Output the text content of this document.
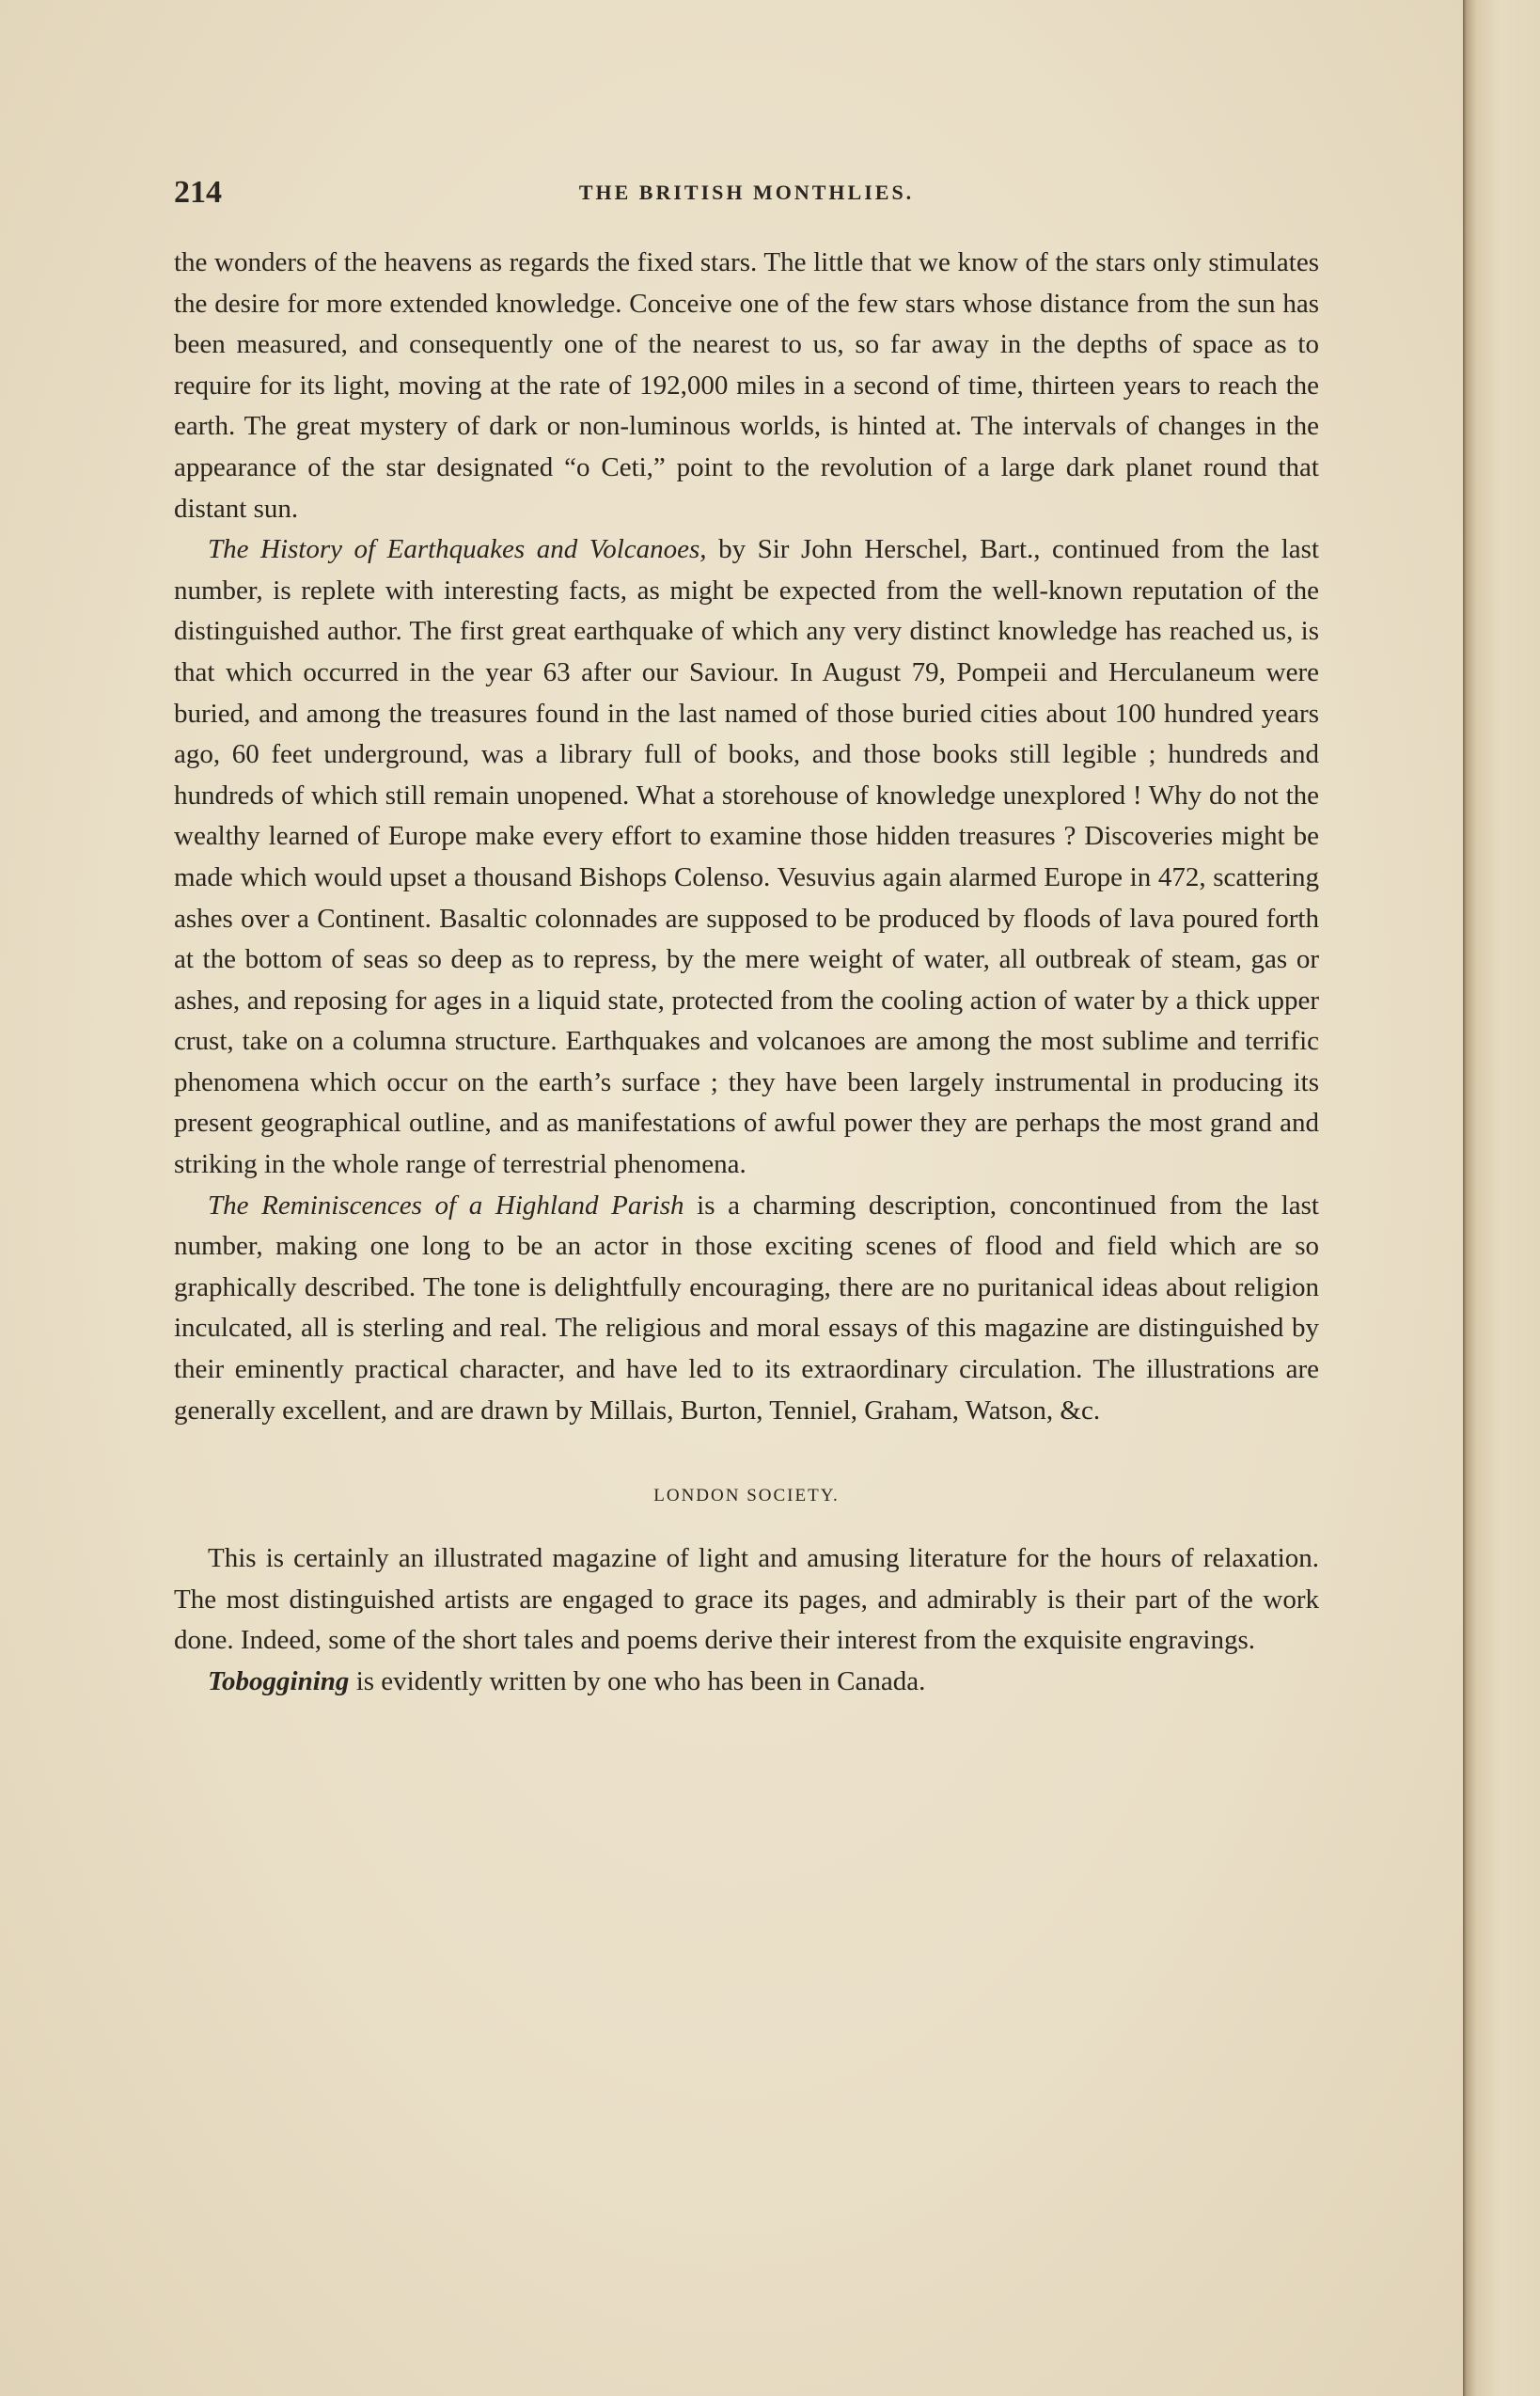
214	THE BRITISH MONTHLIES.

the wonders of the heavens as regards the fixed stars. The little that we know of the stars only stimulates the desire for more extended knowledge. Conceive one of the few stars whose distance from the sun has been measured, and consequently one of the nearest to us, so far away in the depths of space as to require for its light, moving at the rate of 192,000 miles in a second of time, thirteen years to reach the earth. The great mystery of dark or non-luminous worlds, is hinted at. The intervals of changes in the appearance of the star designated “o Ceti,” point to the revolution of a large dark planet round that distant sun.

The History of Earthquakes and Volcanoes, by Sir John Herschel, Bart., continued from the last number, is replete with interesting facts, as might be expected from the well-known reputation of the distinguished author. The first great earthquake of which any very distinct knowledge has reached us, is that which occurred in the year 63 after our Saviour. In August 79, Pompeii and Herculaneum were buried, and among the treasures found in the last named of those buried cities about 100 hundred years ago, 60 feet underground, was a library full of books, and those books still legible ; hundreds and hundreds of which still remain unopened. What a storehouse of knowledge unexplored ! Why do not the wealthy learned of Europe make every effort to examine those hidden treasures ? Discoveries might be made which would upset a thousand Bishops Colenso. Vesuvius again alarmed Europe in 472, scattering ashes over a Continent. Basaltic colonnades are supposed to be produced by floods of lava poured forth at the bottom of seas so deep as to repress, by the mere weight of water, all outbreak of steam, gas or ashes, and reposing for ages in a liquid state, protected from the cooling action of water by a thick upper crust, take on a columna structure. Earthquakes and volcanoes are among the most sublime and terrific phenomena which occur on the earth’s surface ; they have been largely instrumental in producing its present geographical outline, and as manifestations of awful power they are perhaps the most grand and striking in the whole range of terrestrial phenomena.

The Reminiscences of a Highland Parish is a charming description, concontinued from the last number, making one long to be an actor in those exciting scenes of flood and field which are so graphically described. The tone is delightfully encouraging, there are no puritanical ideas about religion inculcated, all is sterling and real. The religious and moral essays of this magazine are distinguished by their eminently practical character, and have led to its extraordinary circulation. The illustrations are generally excellent, and are drawn by Millais, Burton, Tenniel, Graham, Watson, &c.

LONDON SOCIETY.

This is certainly an illustrated magazine of light and amusing literature for the hours of relaxation. The most distinguished artists are engaged to grace its pages, and admirably is their part of the work done. Indeed, some of the short tales and poems derive their interest from the exquisite engravings.

Toboggining is evidently written by one who has been in Canada.
